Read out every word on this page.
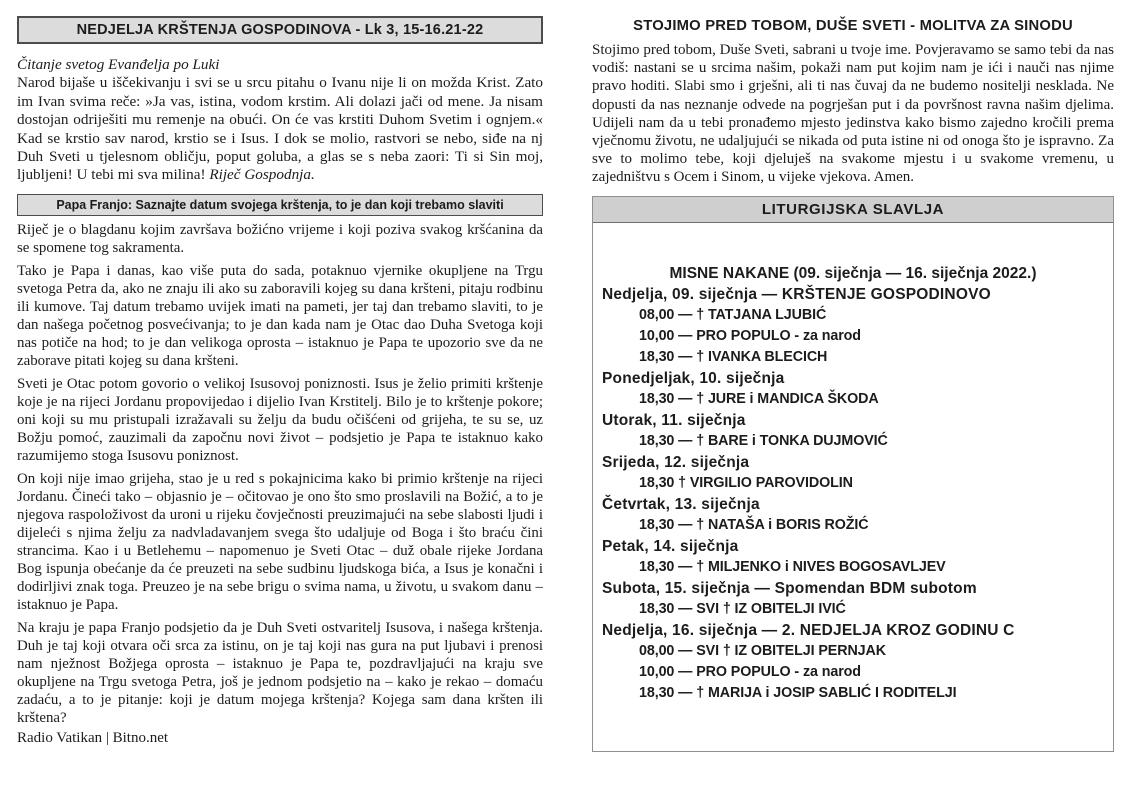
NEDJELJA KRŠTENJA GOSPODINOVA - Lk 3, 15-16.21-22
Čitanje svetog Evanđelja po Luki

Narod bijaše u iščekivanju i svi se u srcu pitahu o Ivanu nije li on možda Krist. Zato im Ivan svima reče: »Ja vas, istina, vodom krstim. Ali dolazi jači od mene. Ja nisam dostojan odriješiti mu remenje na obući. On će vas krstiti Duhom Svetim i ognjem.« Kad se krstio sav narod, krstio se i Isus. I dok se molio, rastvori se nebo, siđe na nj Duh Sveti u tjelesnom obličju, poput goluba, a glas se s neba zaori: Ti si Sin moj, ljubljeni! U tebi mi sva milina! Riječ Gospodnja.

Papa Franjo: Saznajte datum svojega krštenja, to je dan koji trebamo slaviti

Riječ je o blagdanu kojim završava božićno vrijeme i koji poziva svakog kršćanina da se spomene tog sakramenta.

Tako je Papa i danas, kao više puta do sada, potaknuo vjernike okupljene na Trgu svetoga Petra da, ako ne znaju ili ako su zaboravili kojeg su dana kršteni, pitaju rodbinu ili kumove. Taj datum trebamo uvijek imati na pameti, jer taj dan trebamo slaviti, to je dan našega početnog posvećivanja; to je dan kada nam je Otac dao Duha Svetoga koji nas potiče na hod; to je dan velikoga oprosta – istaknuo je Papa te upozorio sve da ne zaborave pitati kojeg su dana kršteni.

Sveti je Otac potom govorio o velikoj Isusovoj poniznosti. Isus je želio primiti krštenje koje je na rijeci Jordanu propovijedao i dijelio Ivan Krstitelj. Bilo je to krštenje pokore; oni koji su mu pristupali izražavali su želju da budu očišćeni od grijeha, te su se, uz Božju pomoć, zauzimali da započnu novi život – podsjetio je Papa te istaknuo kako razumijemo stoga Isusovu poniznost.

On koji nije imao grijeha, stao je u red s pokajnicima kako bi primio krštenje na rijeci Jordanu. Čineći tako – objasnio je – očitovao je ono što smo proslavili na Božić, a to je njegova raspoloživost da uroni u rijeku čovječnosti preuzimajući na sebe slabosti ljudi i dijeleći s njima želju za nadvladavanjem svega što udaljuje od Boga i što braću čini strancima. Kao i u Betlehemu – napomenuo je Sveti Otac – duž obale rijeke Jordana Bog ispunja obećanje da će preuzeti na sebe sudbinu ljudskoga bića, a Isus je konačni i dodirljivi znak toga. Preuzeo je na sebe brigu o svima nama, u životu, u svakom danu – istaknuo je Papa.

Na kraju je papa Franjo podsjetio da je Duh Sveti ostvaritelj Isusova, i našega krštenja. Duh je taj koji otvara oči srca za istinu, on je taj koji nas gura na put ljubavi i prenosi nam nježnost Božjega oprosta – istaknuo je Papa te, pozdravljajući na kraju sve okupljene na Trgu svetoga Petra, još je jednom podsjetio na – kako je rekao – domaću zadaću, a to je pitanje: koji je datum mojega krštenja? Kojega sam dana kršten ili krštena?

Radio Vatikan | Bitno.net
STOJIMO PRED TOBOM, DUŠE SVETI - MOLITVA ZA SINODU

Stojimo pred tobom, Duše Sveti, sabrani u tvoje ime. Povjeravamo se samo tebi da nas vodiš: nastani se u srcima našim, pokaži nam put kojim nam je ići i nauči nas njime pravo hoditi. Slabi smo i grješni, ali ti nas čuvaj da ne budemo nositelji nesklada. Ne dopusti da nas neznanje odvede na pogrješan put i da površnost ravna našim djelima. Udijeli nam da u tebi pronađemo mjesto jedinstva kako bismo zajedno kročili prema vječnomu životu, ne udaljujući se nikada od puta istine ni od onoga što je ispravno. Za sve to molimo tebe, koji djeluješ na svakome mjestu i u svakome vremenu, u zajedništvu s Ocem i Sinom, u vijeke vjekova. Amen.

LITURGIJSKA SLAVLJA
MISNE NAKANE (09. siječnja — 16. siječnja 2022.)
Nedjelja, 09. siječnja — KRŠTENJE GOSPODINOVO
08,00 — † TATJANA LJUBIĆ
10,00 — PRO POPULO - za narod
18,30 — † IVANKA BLECICH
Ponedjeljak, 10. siječnja
18,30 — † JURE i MANDICA ŠKODA
Utorak, 11. siječnja
18,30 — † BARE i TONKA DUJMOVIĆ
Srijeda, 12. siječnja
18,30 † VIRGILIO PAROVIDOLIN
Četvrtak, 13. siječnja
18,30 — † NATAŠA i BORIS ROŽIĆ
Petak, 14. siječnja
18,30 — † MILJENKO i NIVES BOGOSAVLJEV
Subota, 15. siječnja — Spomendan BDM subotom
18,30 — SVI † IZ OBITELJI IVIĆ
Nedjelja, 16. siječnja — 2. NEDJELJA KROZ GODINU C
08,00 — SVI † IZ OBITELJI PERNJAK
10,00 — PRO POPULO - za narod
18,30 — † MARIJA i JOSIP SABLIĆ I RODITELJI
